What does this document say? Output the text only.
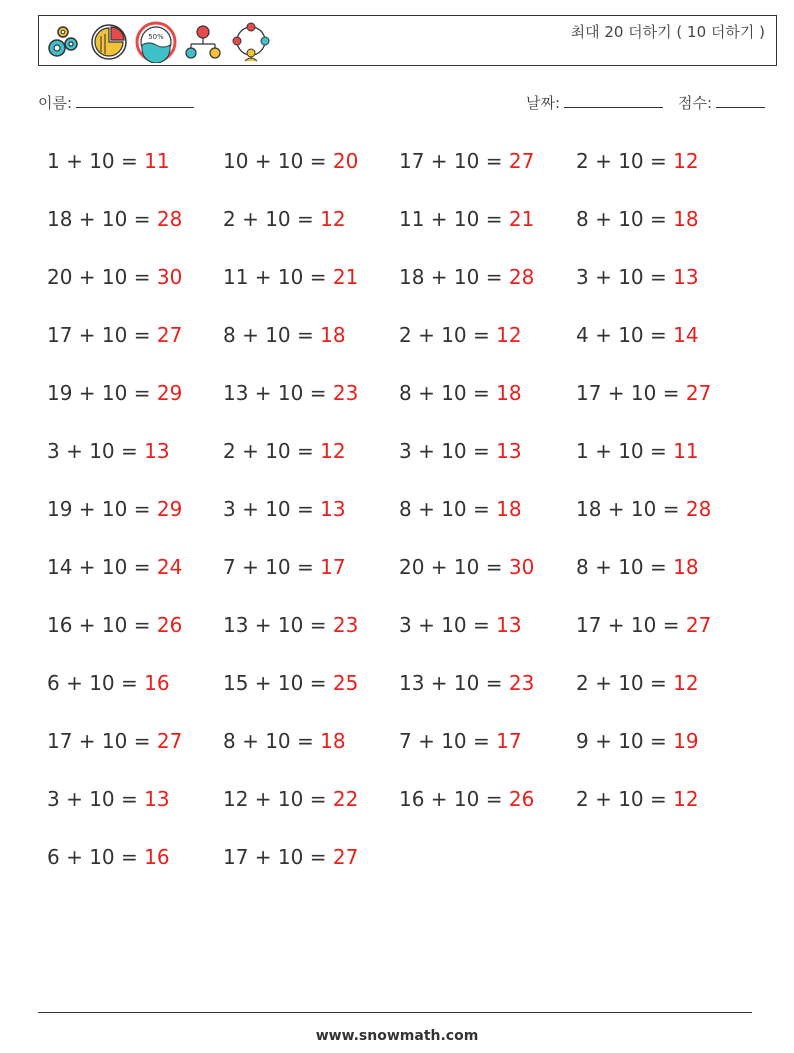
50%	최대 20 더하기 ( 10 더하기 )
이름:	날짜:	점수:
1 + 10 = 11	10 + 10 = 20 17 + 10 = 27 2 + 10 = 12
18 + 10 = 28 2 + 10 = 12	11 + 10 = 21 8 + 10 = 18
20 + 10 = 30 11 + 10 = 21 18 + 10 = 28 3 + 10 = 13
17 + 10 = 27 8 + 10 = 18	2 + 10 = 12	4 + 10 = 14
19 + 10 = 29 13 + 10 = 23 8 + 10 = 18	17 + 10 = 27
3 + 10 = 13	2 + 10 = 12	3 + 10 = 13	1 + 10 = 11
19 + 10 = 29 3 + 10 = 13	8 + 10 = 18	18 + 10 = 28
14 + 10 = 24 7 + 10 = 17	20 + 10 = 30 8 + 10 = 18
16 + 10 = 26 13 + 10 = 23 3 + 10 = 13	17 + 10 = 27
6 + 10 = 16	15 + 10 = 25 13 + 10 = 23 2 + 10 = 12
17 + 10 = 27 8 + 10 = 18	7 + 10 = 17	9 + 10 = 19
3 + 10 = 13	12 + 10 = 22 16 + 10 = 26 2 + 10 = 12
6 + 10 = 16	17 + 10 = 27
www.snowmath.com
